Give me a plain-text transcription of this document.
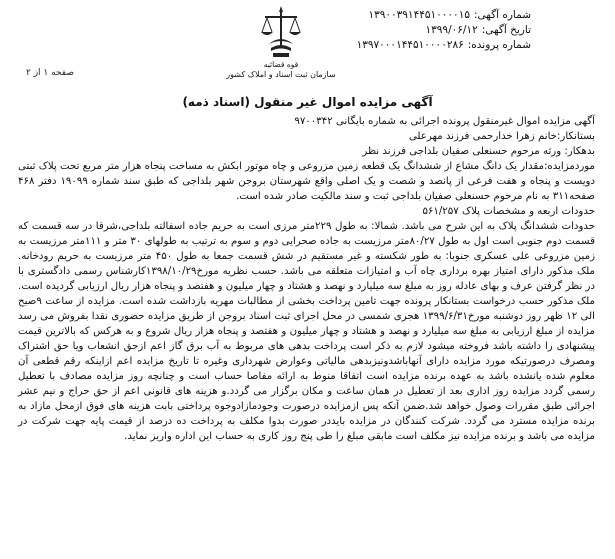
شماره آگهی:
۱۳۹۰۰۳۹۱۴۴۵۱۰۰۰۰۱۵
تاریخ آگهی:
۱۳۹۹/۰۶/۱۲
شماره پرونده:
۱۳۹۷۰۰۰۱۴۴۵۱۰۰۰۰۲۸۶
قوه قضائیه
سازمان ثبت اسناد و املاک کشور
صفحه ۱ از ۲
آگهی مزایده اموال غیر منقول (اسناد ذمه)

آگهی مزایده اموال غیرمنقول پرونده اجرائی به شماره بایگانی ۹۷۰۰۳۴۲

بستانکار:خانم زهرا خدارحمی فرزند مهرعلی

بدهکار: ورثه مرحوم حسنعلی صفیان بلداجی فرزند نظر

موردمزایده:مقدار یک دانگ مشاع از ششدانگ یک قطعه زمین مزروعی و چاه موتور ابکش به مساحت پنجاه هزار متر مربع تحت پلاک ثبتی دویست و پنجاه و هفت فرعی از پانصد و شصت و یک اصلی واقع شهرستان بروجن شهر بلداجی که طبق سند شماره ۱۹۰۹۹ دفتر ۴۶۸ صفحه۳۱۱ به نام مرحوم حسنعلی صفیان بلداجی ثبت و سند مالکیت صادر شده است.

حدودات اربعه و مشخصات پلاک ۵۶۱/۲۵۷

حدودات ششدانگ پلاک به این شرح می باشد. شمالا: به طول ۲۲۹متر مرزی است به حریم جاده اسفالته بلداجی،شرقا در سه قسمت که قسمت دوم جنوبی است اول به طول ۸۰/۲۷متر مرزیست به جاده صحرایی دوم و سوم به ترتیب به طولهای ۳۰ متر و ۱۱۱متر مرزیست به زمین مزروعی علی عسکری جنوبا: به طور شکسته و غیر مستقیم در شش قسمت جمعا به طول ۴۵۰ متر مرزیست به حریم رودخانه. ملک مذکور دارای امتیاز بهره برداری چاه آب و امتیازات متعلقه می باشد. حسب نظریه مورخ۱۳۹۸/۱۰/۲۹کارشناس رسمی دادگستری با در نظر گرفتن عرف و بهای عادله روز به مبلغ سه میلیارد و نهصد و هشتاد و چهار میلیون و هفتصد و پنجاه هزار ریال ارزیابی گردیده است. ملک مذکور حسب درخواست بستانکار پرونده جهت تامین پرداخت بخشی از مطالبات مهریه بازداشت شده است. مزایده از ساعت ۹صبح الی ۱۲ ظهر روز دوشنبه مورخ۱۳۹۹/۶/۳۱ هجری شمسی در محل اجرای ثبت اسناد بروجن از طریق مزایده حضوری نقدا بفروش می رسد مزایده از مبلغ ارزیابی به مبلغ سه میلیارد و نهصد و هشتاد و چهار میلیون و هفتصد و پنجاه هزار ریال شروع و به هرکس که بالاترین قیمت پیشنهادی را داشته باشد فروخته میشود لازم به ذکر است پرداخت بدهی های مربوط به آب برق گاز اعم ازحق انشعاب ویا حق اشتراک ومصرف درصورتیکه مورد مزایده دارای آنهاباشدونیزبدهی مالیاتی وعوارض شهرداری وغیره تا تاریخ مزایده اعم ازاینکه رقم قطعی آن معلوم شده یانشده باشد به عهده برنده مزایده است اتفاقا منوط به ارائه مفاصا حساب است و چنانچه روز مزایده مصادف با تعطیل رسمی گردد مزایده روز اداری بعد از تعطیل در همان ساعت و مکان برگزار می گردد.و هزینه های قانونی اعم از حق حراج و نیم عشر اجرائی طبق مقررات وصول خواهد شد.ضمن آنکه پس ازمزایده درصورت وجودمازادوجوه پرداختی بابت هزینه های فوق ازمحل مازاد به برنده مزایده مسترد می گردد. شرکت کنندگان در مزایده بایددر صورت بدوا مکلف به پرداخت ده درصد از قیمت پایه جهت شرکت در مزایده می باشد و برنده مزایده نیز مکلف است مابقی مبلغ را طی پنج روز کاری به حساب این اداره واریز نماید.
